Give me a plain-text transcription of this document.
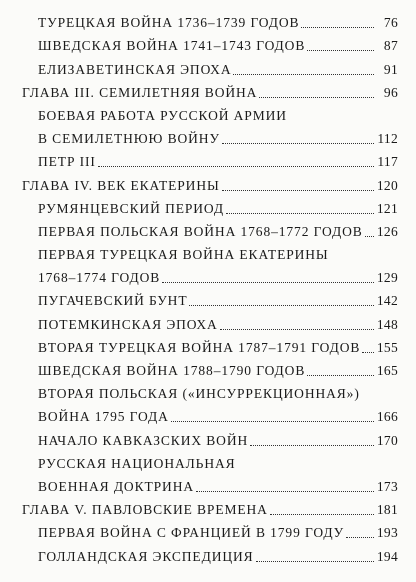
ТУРЕЦКАЯ ВОЙНА 1736–1739 ГОДОВ	76
ШВЕДСКАЯ ВОЙНА 1741–1743 ГОДОВ	87
ЕЛИЗАВЕТИНСКАЯ ЭПОХА	91
ГЛАВА III. СЕМИЛЕТНЯЯ ВОЙНА	96
БОЕВАЯ РАБОТА РУССКОЙ АРМИИ
В СЕМИЛЕТНЮЮ ВОЙНУ	112
ПЕТР III	117
ГЛАВА IV. ВЕК ЕКАТЕРИНЫ	120
РУМЯНЦЕВСКИЙ ПЕРИОД	121
ПЕРВАЯ ПОЛЬСКАЯ ВОЙНА 1768–1772 ГОДОВ 126
ПЕРВАЯ ТУРЕЦКАЯ ВОЙНА ЕКАТЕРИНЫ
1768–1774 ГОДОВ	129
ПУГАЧЕВСКИЙ БУНТ	142
ПОТЕМКИНСКАЯ ЭПОХА	148
ВТОРАЯ ТУРЕЦКАЯ ВОЙНА 1787–1791 ГОДОВ 155
ШВЕДСКАЯ ВОЙНА 1788–1790 ГОДОВ	165
ВТОРАЯ ПОЛЬСКАЯ («ИНСУРРЕКЦИОННАЯ»)
ВОЙНА 1795 ГОДА	166
НАЧАЛО КАВКАЗСКИХ ВОЙН	170
РУССКАЯ НАЦИОНАЛЬНАЯ
ВОЕННАЯ ДОКТРИНА	173
ГЛАВА V. ПАВЛОВСКИЕ ВРЕМЕНА	181
ПЕРВАЯ ВОЙНА С ФРАНЦИЕЙ В 1799 ГОДУ 193
ГОЛЛАНДСКАЯ ЭКСПЕДИЦИЯ	194
